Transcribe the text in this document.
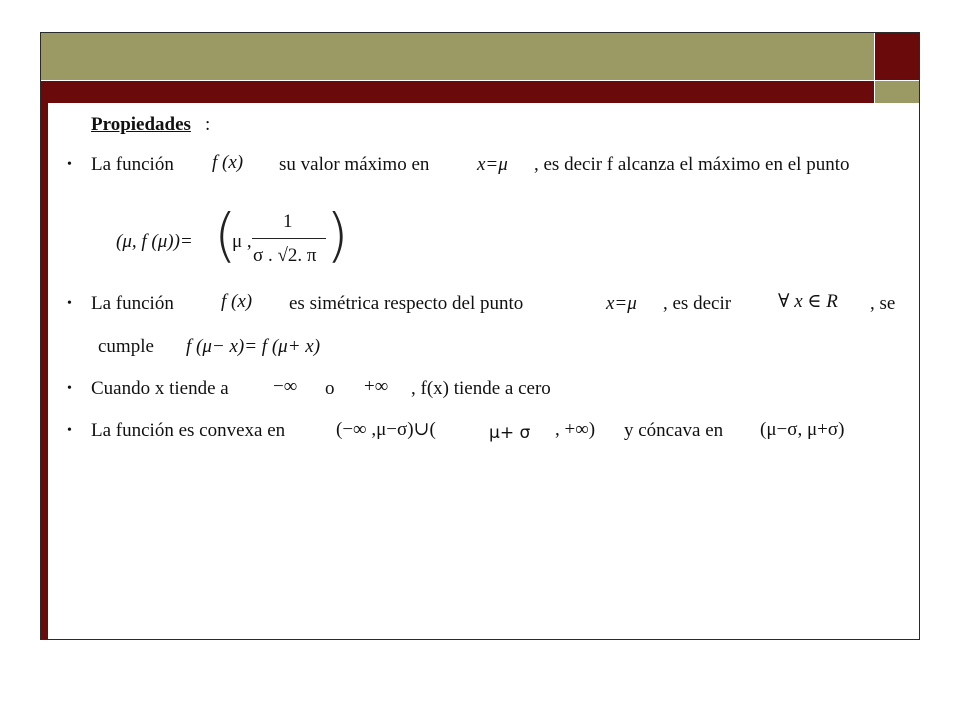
Propiedades :
• La función f (x) su valor máximo en	x=μ , es decir f alcanza el máximo en el punto
(μ, f (μ))= (
μ ,
1
σ . √2. π )
• La función f (x) es simétrica respecto del punto	x=μ , es decir ∀ x ∈ R , se
cumple f (μ− x)= f (μ+ x)
• Cuando x tiende a −∞ o +∞ , f(x) tiende a cero
• La función es convexa en	(−∞ ,μ−σ)∪(	μ+ σ , +∞) y cóncava en (μ−σ, μ+σ)
